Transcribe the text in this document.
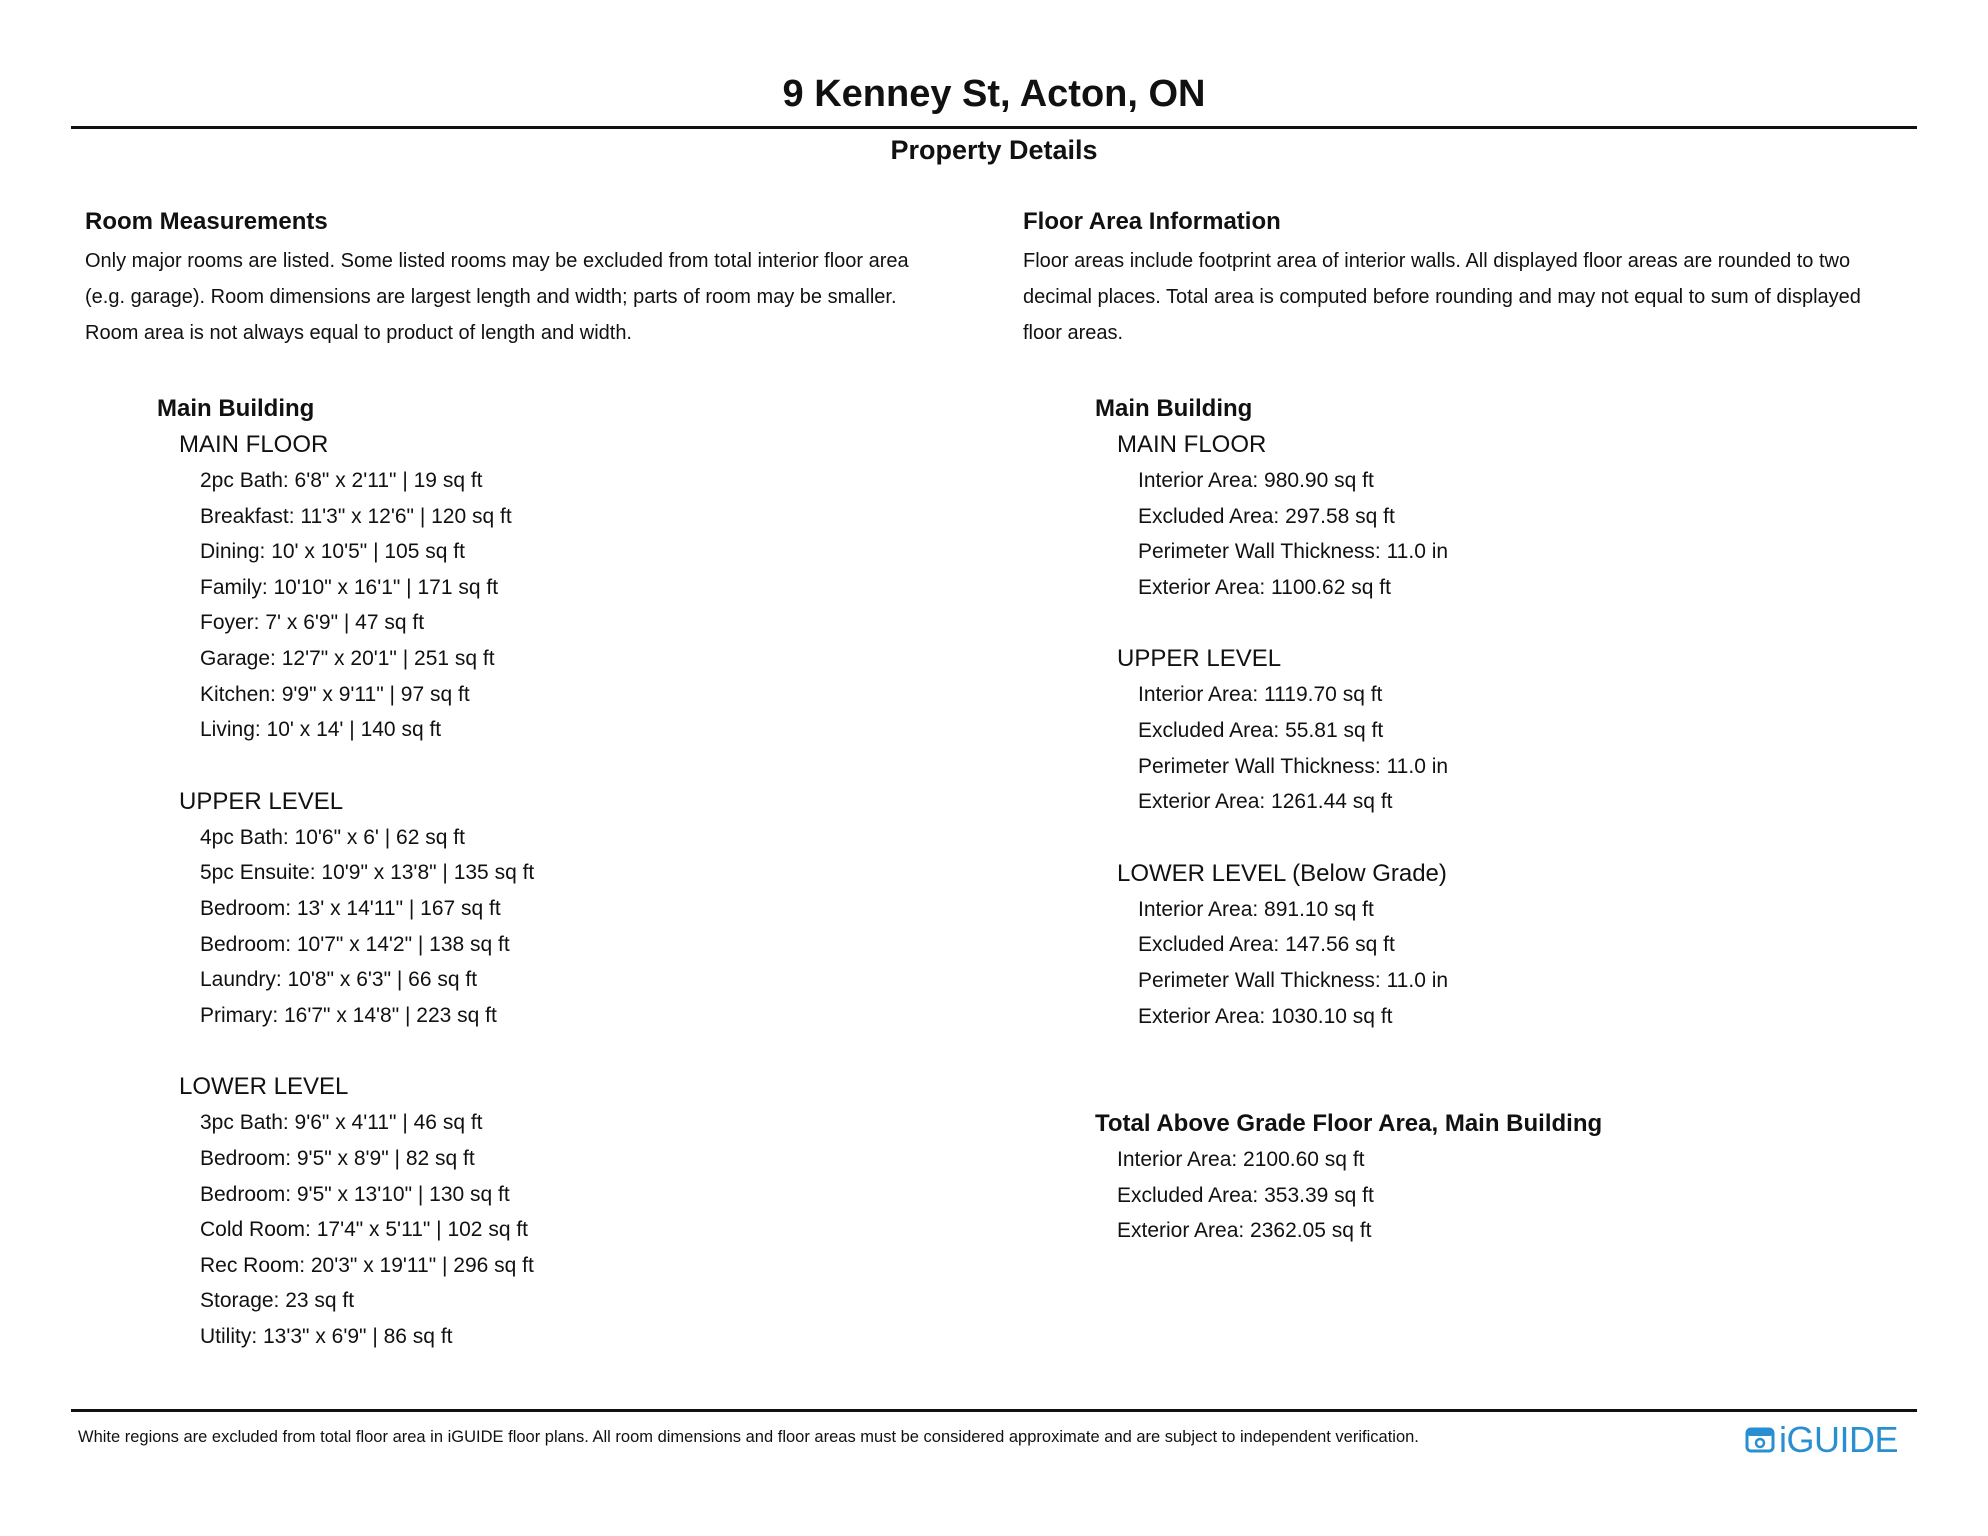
9 Kenney St, Acton, ON
Property Details
Room Measurements

Only major rooms are listed. Some listed rooms may be excluded from total interior floor area
(e.g. garage). Room dimensions are largest length and width; parts of room may be smaller.
Room area is not always equal to product of length and width.

Main Building
MAIN FLOOR
2pc Bath: 6'8" x 2'11" | 19 sq ft
Breakfast: 11'3" x 12'6" | 120 sq ft
Dining: 10' x 10'5" | 105 sq ft
Family: 10'10" x 16'1" | 171 sq ft
Foyer: 7' x 6'9" | 47 sq ft
Garage: 12'7" x 20'1" | 251 sq ft
Kitchen: 9'9" x 9'11" | 97 sq ft
Living: 10' x 14' | 140 sq ft
UPPER LEVEL
4pc Bath: 10'6" x 6' | 62 sq ft
5pc Ensuite: 10'9" x 13'8" | 135 sq ft
Bedroom: 13' x 14'11" | 167 sq ft
Bedroom: 10'7" x 14'2" | 138 sq ft
Laundry: 10'8" x 6'3" | 66 sq ft
Primary: 16'7" x 14'8" | 223 sq ft
LOWER LEVEL
3pc Bath: 9'6" x 4'11" | 46 sq ft
Bedroom: 9'5" x 8'9" | 82 sq ft
Bedroom: 9'5" x 13'10" | 130 sq ft
Cold Room: 17'4" x 5'11" | 102 sq ft
Rec Room: 20'3" x 19'11" | 296 sq ft
Storage: 23 sq ft
Utility: 13'3" x 6'9" | 86 sq ft
Floor Area Information

Floor areas include footprint area of interior walls. All displayed floor areas are rounded to two
decimal places. Total area is computed before rounding and may not equal to sum of displayed
floor areas.

Main Building
MAIN FLOOR
Interior Area: 980.90 sq ft
Excluded Area: 297.58 sq ft
Perimeter Wall Thickness: 11.0 in
Exterior Area: 1100.62 sq ft
UPPER LEVEL
Interior Area: 1119.70 sq ft
Excluded Area: 55.81 sq ft
Perimeter Wall Thickness: 11.0 in
Exterior Area: 1261.44 sq ft
LOWER LEVEL (Below Grade)
Interior Area: 891.10 sq ft
Excluded Area: 147.56 sq ft
Perimeter Wall Thickness: 11.0 in
Exterior Area: 1030.10 sq ft
Total Above Grade Floor Area, Main Building
Interior Area: 2100.60 sq ft
Excluded Area: 353.39 sq ft
Exterior Area: 2362.05 sq ft

White regions are excluded from total floor area in iGUIDE floor plans. All room dimensions and floor areas must be considered approximate and are subject to independent verification.	iGUIDE
